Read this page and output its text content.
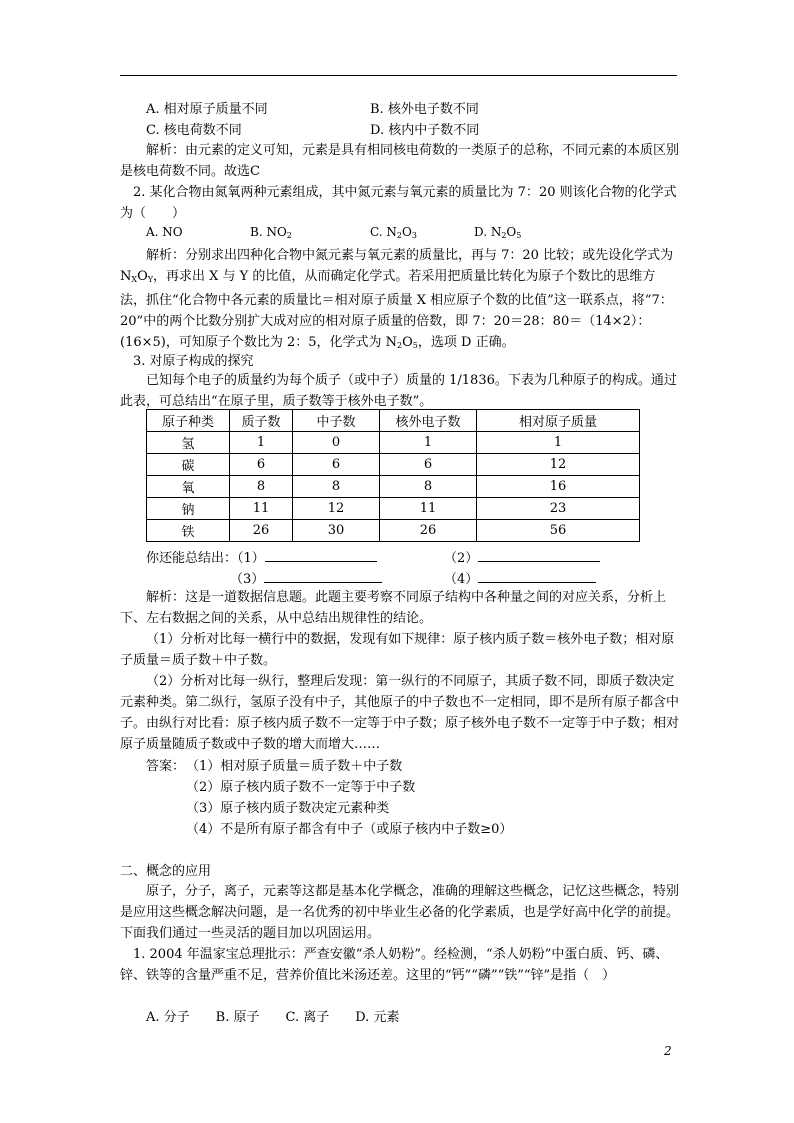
A. 相对原子质量不同	B. 核外电子数不同
C. 核电荷数不同	D. 核内中子数不同
解析：由元素的定义可知，元素是具有相同核电荷数的一类原子的总称，不同元素的本质区别是核电荷数不同。故选C
2. 某化合物由氮氧两种元素组成，其中氮元素与氧元素的质量比为 7：20 则该化合物的化学式为（　　）
A. NO	B. $NO_2$	C. $N_2O_3$	D. $N_2O_5$
解析：分别求出四种化合物中氮元素与氧元素的质量比，再与 7：20 比较；或先设化学式为 $N_XO_Y$，再求出 X 与 Y 的比值，从而确定化学式。若采用把质量比转化为原子个数比的思维方法，抓住“化合物中各元素的质量比＝相对原子质量 X 相应原子个数的比值”这一联系点，将“7：20”中的两个比数分别扩大成对应的相对原子质量的倍数，即 7：20＝28：80＝（14×2）：(16×5)，可知原子个数比为 2：5，化学式为 $N_2O_5$，选项 D 正确。
3. 对原子构成的探究
已知每个电子的质量约为每个质子（或中子）质量的 1/1836。下表为几种原子的构成。通过此表，可总结出“在原子里，质子数等于核外电子数”。
原子种类	质子数	中子数	核外电子数	相对原子质量
氢	1	0	1	1
碳	6	6	6	12
氧	8	8	8	16
钠	11	12	11	23
铁	26	30	26	56
你还能总结出：（1）	（2）
（3）	（4）
解析：这是一道数据信息题。此题主要考察不同原子结构中各种量之间的对应关系，分析上下、左右数据之间的关系，从中总结出规律性的结论。
（1）分析对比每一横行中的数据，发现有如下规律：原子核内质子数＝核外电子数；相对原子质量＝质子数＋中子数。
（2）分析对比每一纵行，整理后发现：第一纵行的不同原子，其质子数不同，即质子数决定元素种类。第二纵行，氢原子没有中子，其他原子的中子数也不一定相同，即不是所有原子都含中子。由纵行对比看：原子核内质子数不一定等于中子数；原子核外电子数不一定等于中子数；相对原子质量随质子数或中子数的增大而增大……
答案： （1）相对原子质量＝质子数＋中子数
（2）原子核内质子数不一定等于中子数
（3）原子核内质子数决定元素种类
（4）不是所有原子都含有中子（或原子核内中子数≥0）
二、概念的应用
原子，分子，离子，元素等这都是基本化学概念，准确的理解这些概念，记忆这些概念，特别是应用这些概念解决问题，是一名优秀的初中毕业生必备的化学素质，也是学好高中化学的前提。下面我们通过一些灵活的题目加以巩固运用。
1. 2004 年温家宝总理批示：严查安徽“杀人奶粉”。经检测，“杀人奶粉”中蛋白质、钙、磷、锌、铁等的含量严重不足，营养价值比米汤还差。这里的“钙”“磷”“铁”“锌”是指（　）
A. 分子　　B. 原子　　C. 离子　　D. 元素
2
